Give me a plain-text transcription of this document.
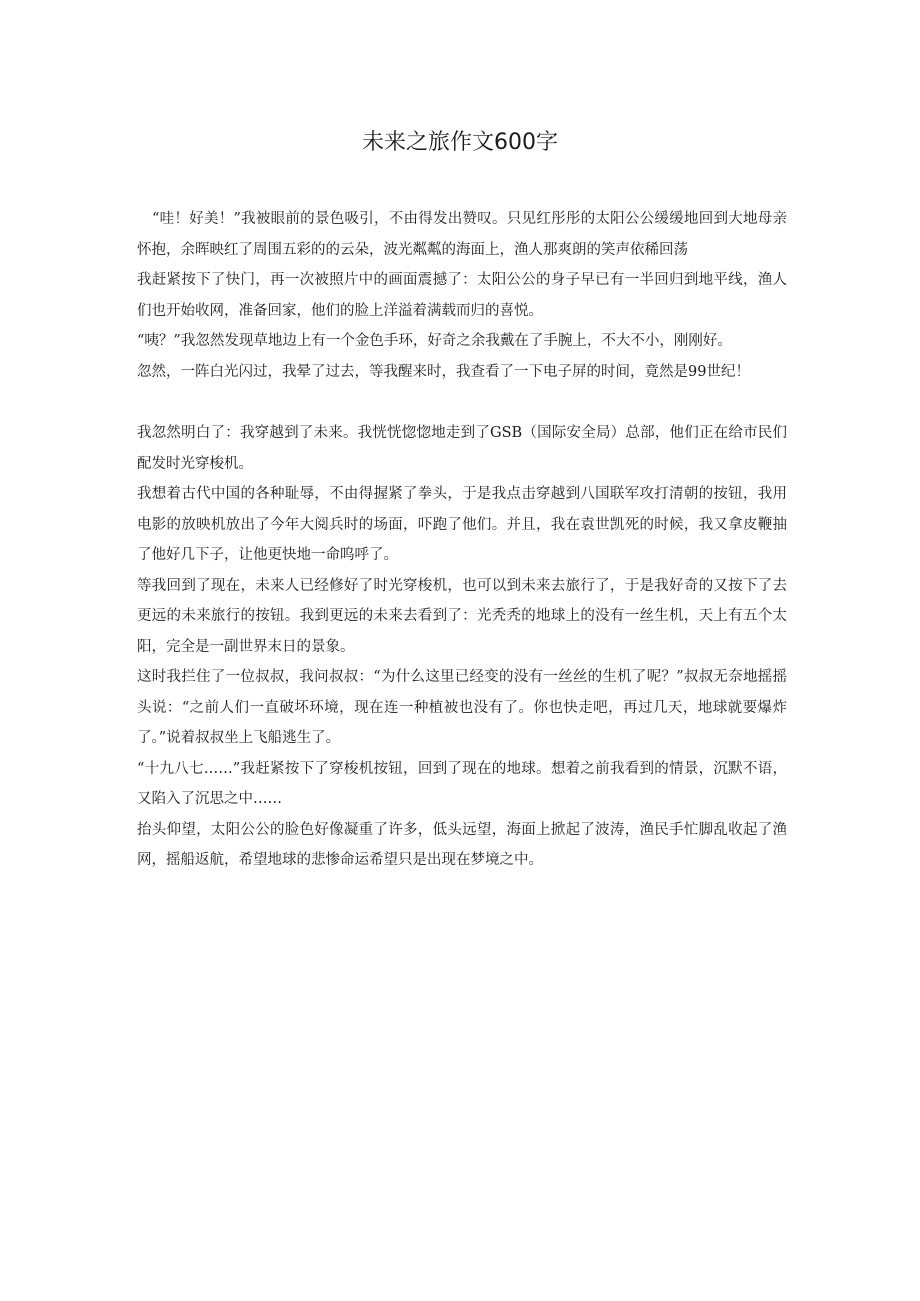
未来之旅作文600字

“哇！好美！”我被眼前的景色吸引，不由得发出赞叹。只见红彤彤的太阳公公缓缓地回到大地母亲怀抱，余晖映红了周围五彩的的云朵，波光粼粼的海面上，渔人那爽朗的笑声依稀回荡

我赶紧按下了快门，再一次被照片中的画面震撼了：太阳公公的身子早已有一半回归到地平线，渔人们也开始收网，准备回家，他们的脸上洋溢着满载而归的喜悦。

“咦？”我忽然发现草地边上有一个金色手环，好奇之余我戴在了手腕上，不大不小，刚刚好。

忽然，一阵白光闪过，我晕了过去，等我醒来时，我查看了一下电子屏的时间，竟然是99世纪！

我忽然明白了：我穿越到了未来。我恍恍惚惚地走到了GSB（国际安全局）总部，他们正在给市民们配发时光穿梭机。

我想着古代中国的各种耻辱，不由得握紧了拳头，于是我点击穿越到八国联军攻打清朝的按钮，我用电影的放映机放出了今年大阅兵时的场面，吓跑了他们。并且，我在袁世凯死的时候，我又拿皮鞭抽了他好几下子，让他更快地一命呜呼了。

等我回到了现在，未来人已经修好了时光穿梭机，也可以到未来去旅行了，于是我好奇的又按下了去更远的未来旅行的按钮。我到更远的未来去看到了：光秃秃的地球上的没有一丝生机，天上有五个太阳，完全是一副世界末日的景象。

这时我拦住了一位叔叔，我问叔叔：“为什么这里已经变的没有一丝丝的生机了呢？”叔叔无奈地摇摇头说：“之前人们一直破坏环境，现在连一种植被也没有了。你也快走吧，再过几天，地球就要爆炸了。”说着叔叔坐上飞船逃生了。

“十九八七……”我赶紧按下了穿梭机按钮，回到了现在的地球。想着之前我看到的情景，沉默不语，又陷入了沉思之中……

抬头仰望，太阳公公的脸色好像凝重了许多，低头远望，海面上掀起了波涛，渔民手忙脚乱收起了渔网，摇船返航，希望地球的悲惨命运希望只是出现在梦境之中。
